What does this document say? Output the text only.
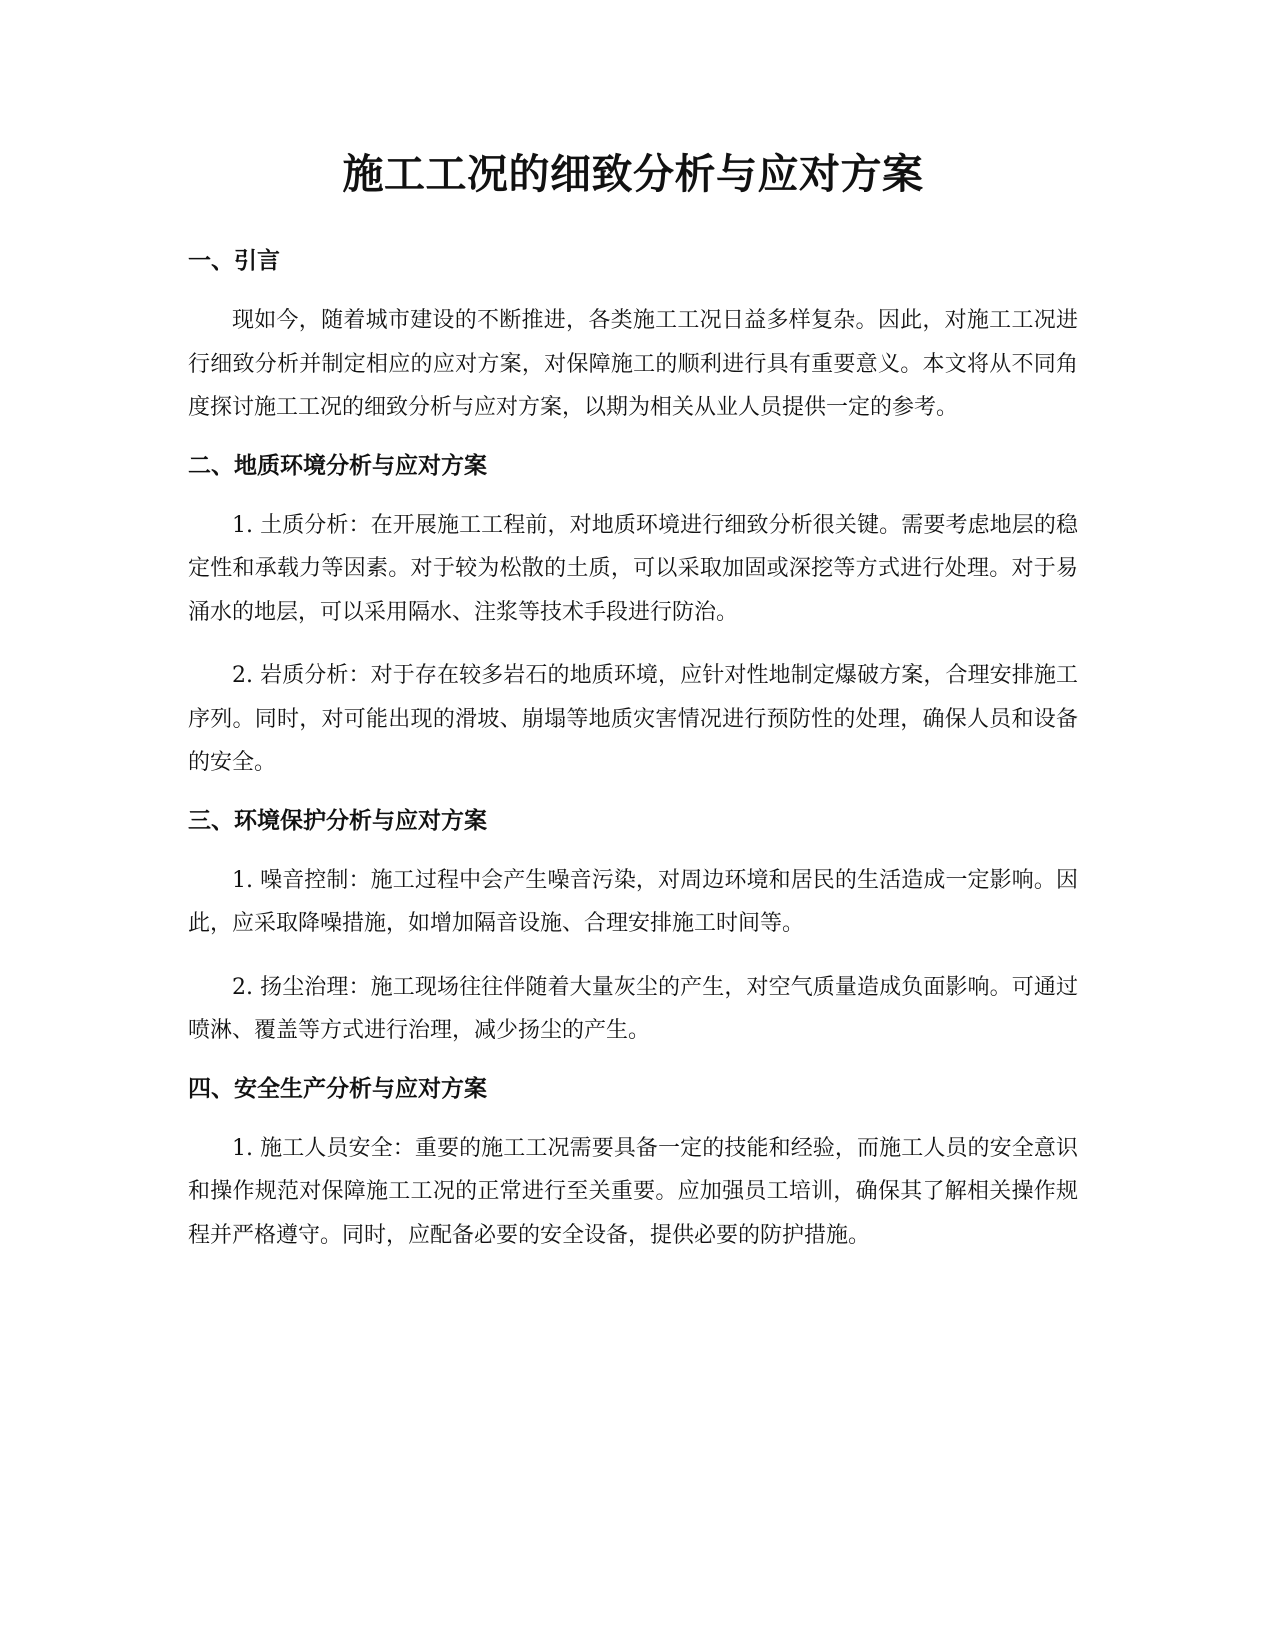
施工工况的细致分析与应对方案
一、引言

现如今，随着城市建设的不断推进，各类施工工况日益多样复杂。因此，对施工工况进行细致分析并制定相应的应对方案，对保障施工的顺利进行具有重要意义。本文将从不同角度探讨施工工况的细致分析与应对方案，以期为相关从业人员提供一定的参考。

二、地质环境分析与应对方案

1. 土质分析：在开展施工工程前，对地质环境进行细致分析很关键。需要考虑地层的稳定性和承载力等因素。对于较为松散的土质，可以采取加固或深挖等方式进行处理。对于易涌水的地层，可以采用隔水、注浆等技术手段进行防治。

2. 岩质分析：对于存在较多岩石的地质环境，应针对性地制定爆破方案，合理安排施工序列。同时，对可能出现的滑坡、崩塌等地质灾害情况进行预防性的处理，确保人员和设备的安全。

三、环境保护分析与应对方案

1. 噪音控制：施工过程中会产生噪音污染，对周边环境和居民的生活造成一定影响。因此，应采取降噪措施，如增加隔音设施、合理安排施工时间等。

2. 扬尘治理：施工现场往往伴随着大量灰尘的产生，对空气质量造成负面影响。可通过喷淋、覆盖等方式进行治理，减少扬尘的产生。

四、安全生产分析与应对方案

1. 施工人员安全：重要的施工工况需要具备一定的技能和经验，而施工人员的安全意识和操作规范对保障施工工况的正常进行至关重要。应加强员工培训，确保其了解相关操作规程并严格遵守。同时，应配备必要的安全设备，提供必要的防护措施。
